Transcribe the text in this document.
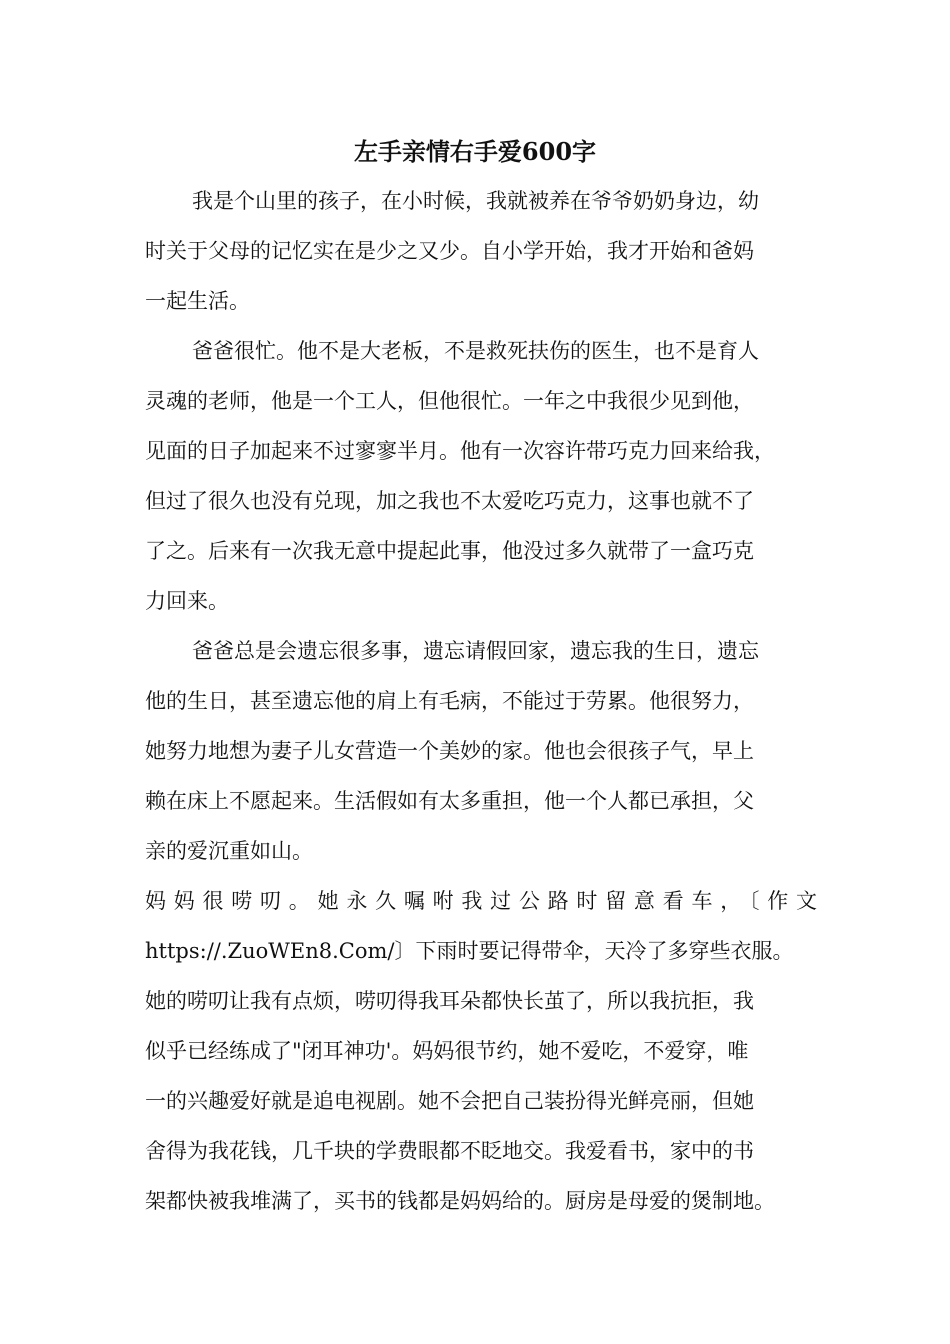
左手亲情右手爱600字
我是个山里的孩子，在小时候，我就被养在爷爷奶奶身边，幼
时关于父母的记忆实在是少之又少。自小学开始，我才开始和爸妈
一起生活。
爸爸很忙。他不是大老板，不是救死扶伤的医生，也不是育人
灵魂的老师，他是一个工人，但他很忙。一年之中我很少见到他，
见面的日子加起来不过寥寥半月。他有一次容许带巧克力回来给我，
但过了很久也没有兑现，加之我也不太爱吃巧克力，这事也就不了
了之。后来有一次我无意中提起此事，他没过多久就带了一盒巧克
力回来。
爸爸总是会遗忘很多事，遗忘请假回家，遗忘我的生日，遗忘
他的生日，甚至遗忘他的肩上有毛病，不能过于劳累。他很努力，
她努力地想为妻子儿女营造一个美妙的家。他也会很孩子气，早上
赖在床上不愿起来。生活假如有太多重担，他一个人都已承担，父
亲的爱沉重如山。
妈妈很唠叨。她永久嘱咐我过公路时留意看车，〔作文
https://.ZuoWEn8.Com/〕下雨时要记得带伞，天冷了多穿些衣服。
她的唠叨让我有点烦，唠叨得我耳朵都快长茧了，所以我抗拒，我
似乎已经练成了"闭耳神功'。妈妈很节约，她不爱吃，不爱穿，唯
一的兴趣爱好就是追电视剧。她不会把自己装扮得光鲜亮丽，但她
舍得为我花钱，几千块的学费眼都不眨地交。我爱看书，家中的书
架都快被我堆满了，买书的钱都是妈妈给的。厨房是母爱的煲制地。
